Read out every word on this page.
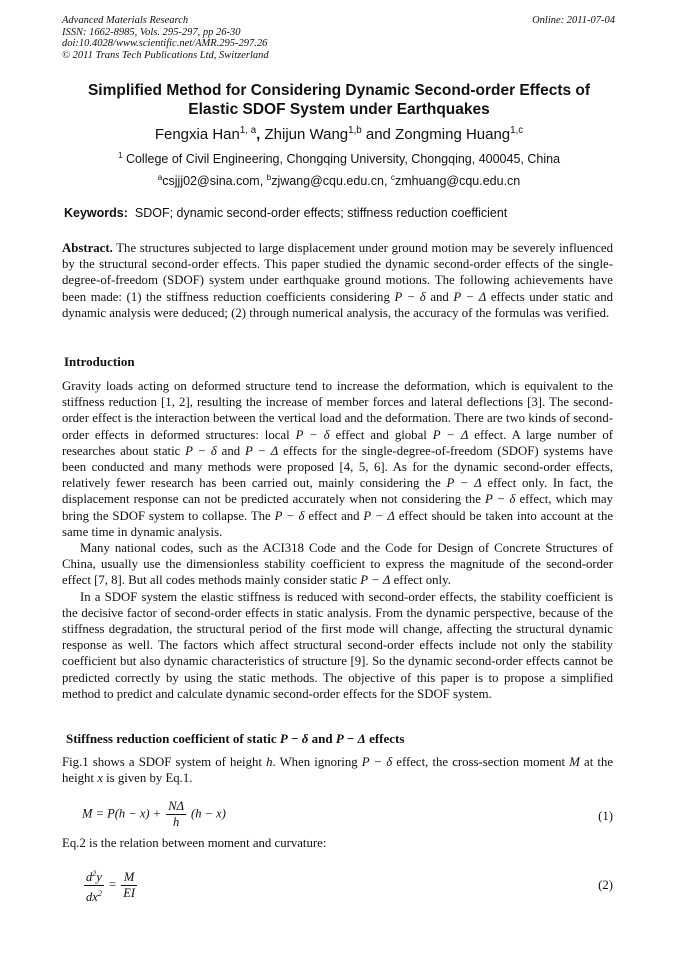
Advanced Materials Research
ISSN: 1662-8985, Vols. 295-297, pp 26-30
doi:10.4028/www.scientific.net/AMR.295-297.26
© 2011 Trans Tech Publications Ltd, Switzerland
Online: 2011-07-04
Simplified Method for Considering Dynamic Second-order Effects of
Elastic SDOF System under Earthquakes
Fengxia Han$^{1, a}$, Zhijun Wang$^{1,b}$ and Zongming Huang$^{1,c}$
$^1$ College of Civil Engineering, Chongqing University, Chongqing, 400045, China
$^a$csjjj02@sina.com, $^b$zjwang@cqu.edu.cn, $^c$zmhuang@cqu.edu.cn
Keywords: SDOF; dynamic second-order effects; stiffness reduction coefficient
Abstract. The structures subjected to large displacement under ground motion may be severely influenced by the structural second-order effects. This paper studied the dynamic second-order effects of the single-degree-of-freedom (SDOF) system under earthquake ground motions. The following achievements have been made: (1) the stiffness reduction coefficients considering P − δ and P − Δ effects under static and dynamic analysis were deduced; (2) through numerical analysis, the accuracy of the formulas was verified.
Introduction

Gravity loads acting on deformed structure tend to increase the deformation, which is equivalent to the stiffness reduction [1, 2], resulting the increase of member forces and lateral deflections [3]. The second-order effect is the interaction between the vertical load and the deformation. There are two kinds of second-order effects in deformed structures: local P − δ effect and global P − Δ effect. A large number of researches about static P − δ and P − Δ effects for the single-degree-of-freedom (SDOF) systems have been conducted and many methods were proposed [4, 5, 6]. As for the dynamic second-order effects, relatively fewer research has been carried out, mainly considering the P − Δ effect only. In fact, the displacement response can not be predicted accurately when not considering the P − δ effect, which may bring the SDOF system to collapse. The P − δ effect and P − Δ effect should be taken into account at the same time in dynamic analysis.

Many national codes, such as the ACI318 Code and the Code for Design of Concrete Structures of China, usually use the dimensionless stability coefficient to express the magnitude of the second-order effect [7, 8]. But all codes methods mainly consider static P − Δ effect only.

In a SDOF system the elastic stiffness is reduced with second-order effects, the stability coefficient is the decisive factor of second-order effects in static analysis. From the dynamic perspective, because of the stiffness degradation, the structural period of the first mode will change, affecting the structural dynamic response as well. The factors which affect structural second-order effects include not only the stability coefficient but also dynamic characteristics of structure [9]. So the dynamic second-order effects cannot be predicted correctly by using the static methods. The objective of this paper is to propose a simplified method to predict and calculate dynamic second-order effects for the SDOF system.

Stiffness reduction coefficient of static P − δ and P − Δ effects
Fig.1 shows a SDOF system of height h. When ignoring P − δ effect, the cross-section moment M at the height x is given by Eq.1.
$M = P(h - x) + \frac{N\Delta}{h} (h - x)$	(1)
Eq.2 is the relation between moment and curvature:
$\frac{d^2y}{dx^2} = \frac{M}{EI}$	(2)
